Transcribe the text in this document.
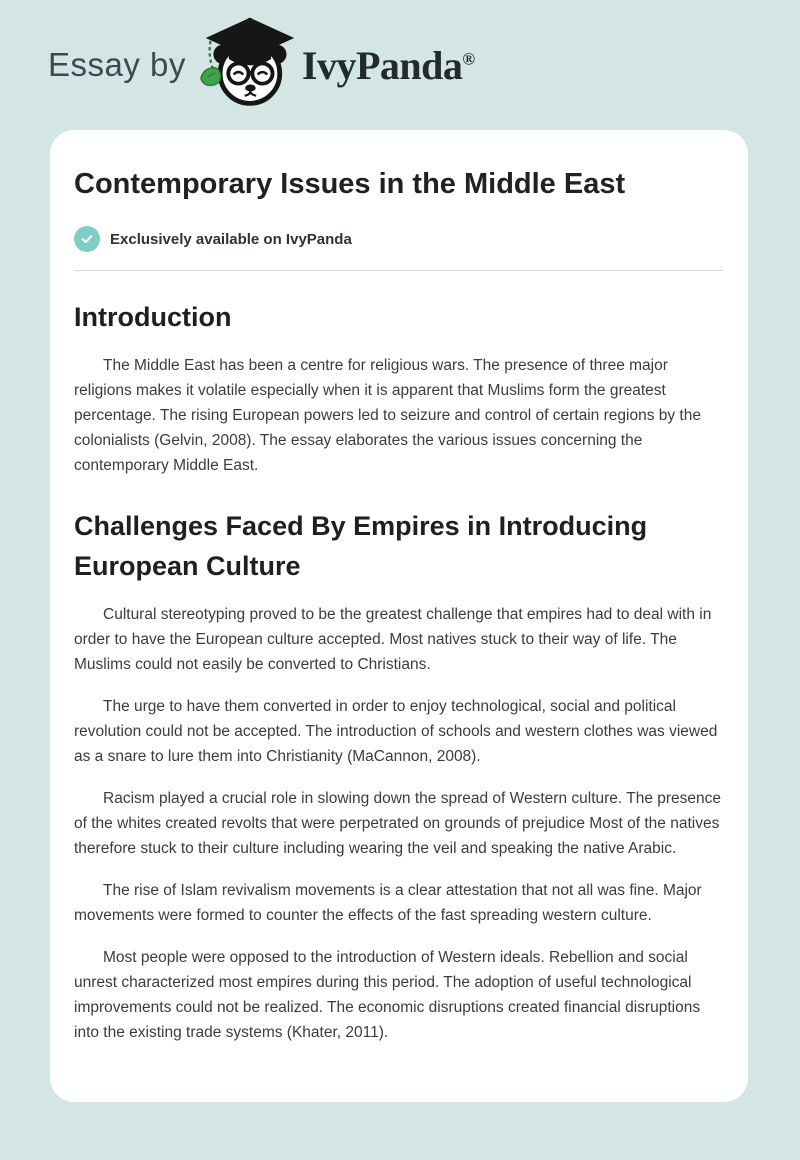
Essay by	IvyPanda®
Contemporary Issues in the Middle East
Exclusively available on IvyPanda
Introduction

The Middle East has been a centre for religious wars. The presence of three major religions makes it volatile especially when it is apparent that Muslims form the greatest percentage. The rising European powers led to seizure and control of certain regions by the colonialists (Gelvin, 2008). The essay elaborates the various issues concerning the contemporary Middle East.

Challenges Faced By Empires in Introducing European Culture

Cultural stereotyping proved to be the greatest challenge that empires had to deal with in order to have the European culture accepted. Most natives stuck to their way of life. The Muslims could not easily be converted to Christians.

The urge to have them converted in order to enjoy technological, social and political revolution could not be accepted. The introduction of schools and western clothes was viewed as a snare to lure them into Christianity (MaCannon, 2008).

Racism played a crucial role in slowing down the spread of Western culture. The presence of the whites created revolts that were perpetrated on grounds of prejudice Most of the natives therefore stuck to their culture including wearing the veil and speaking the native Arabic.

The rise of Islam revivalism movements is a clear attestation that not all was fine. Major movements were formed to counter the effects of the fast spreading western culture.

Most people were opposed to the introduction of Western ideals. Rebellion and social unrest characterized most empires during this period. The adoption of useful technological improvements could not be realized. The economic disruptions created financial disruptions into the existing trade systems (Khater, 2011).
